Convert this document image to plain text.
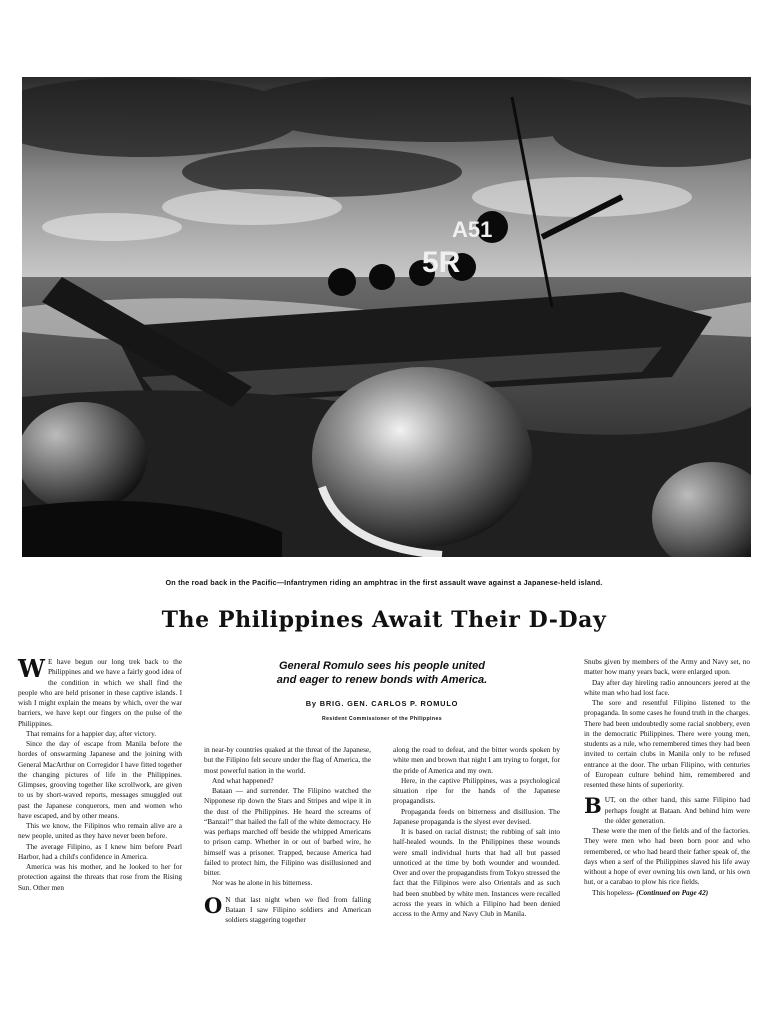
A51
5R
On the road back in the Pacific—Infantrymen riding an amphtrac in the first assault wave against a Japanese-held island.
The Philippines Await Their D-Day

W E have begun our long trek back to the Philippines and we have a fairly good idea of the condition in which we shall find the people who are held prisoner in these captive islands. I wish I might explain the means by which, over the war barriers, we have kept our fingers on the pulse of the Philippines.

That remains for a happier day, after victory.

Since the day of escape from Manila before the hordes of onswarming Japanese and the joining with General MacArthur on Corregidor I have fitted together the changing pictures of life in the Philippines. Glimpses, grooving together like scrollwork, are given to us by short-waved reports, messages smuggled out past the Japanese conquerors, men and women who have escaped, and by other means.

This we know, the Filipinos who remain alive are a new people, united as they have never been before.

The average Filipino, as I knew him before Pearl Harbor, had a child's confidence in America.

America was his mother, and he looked to her for protection against the threats that rose from the Rising Sun. Other men

General Romulo sees his people united
and eager to renew bonds with America.
By BRIG. GEN. CARLOS P. ROMULO
Resident Commissioner of the Philippines

in near-by countries quaked at the threat of the Japanese, but the Filipino felt secure under the flag of America, the most powerful nation in the world.

And what happened?

Bataan — and surrender. The Filipino watched the Nipponese rip down the Stars and Stripes and wipe it in the dust of the Philippines. He heard the screams of “Banzai!” that hailed the fall of the white democracy. He was perhaps marched off beside the whipped Americans to prison camp. Whether in or out of barbed wire, he himself was a prisoner. Trapped, because America had failed to protect him, the Filipino was disillusioned and bitter.

Nor was he alone in his bitterness.

O N that last night when we fled from falling Bataan I saw Filipino soldiers and American soldiers staggering together

along the road to defeat, and the bitter words spoken by white men and brown that night I am trying to forget, for the pride of America and my own.

Here, in the captive Philippines, was a psychological situation ripe for the hands of the Japanese propagandists.

Propaganda feeds on bitterness and disillusion. The Japanese propaganda is the slyest ever devised.

It is based on racial distrust; the rubbing of salt into half-healed wounds. In the Philippines these wounds were small individual hurts that had all but passed unnoticed at the time by both wounder and wounded. Over and over the propagandists from Tokyo stressed the fact that the Filipinos were also Orientals and as such had been snubbed by white men. Instances were recalled across the years in which a Filipino had been denied access to the Army and Navy Club in Manila.

Snubs given by members of the Army and Navy set, no matter how many years back, were enlarged upon.

Day after day hireling radio announcers jeered at the white man who had lost face.

The sore and resentful Filipino listened to the propaganda. In some cases he found truth in the charges. There had been undoubtedly some racial snobbery, even in the democratic Philippines. There were young men, students as a rule, who remembered times they had been invited to certain clubs in Manila only to be refused entrance at the door. The urban Filipino, with centuries of European culture behind him, remembered and resented these hints of superiority.

BUT, on the other hand, this same Filipino had perhaps fought at Bataan. And behind him were the older generation.

These were the men of the fields and of the factories. They were men who had been born poor and who remembered, or who had heard their father speak of, the days when a serf of the Philippines slaved his life away without a hope of ever owning his own land, or his own hut, or a carabao to plow his rice fields.

This hopeless- (Continued on Page 42)
